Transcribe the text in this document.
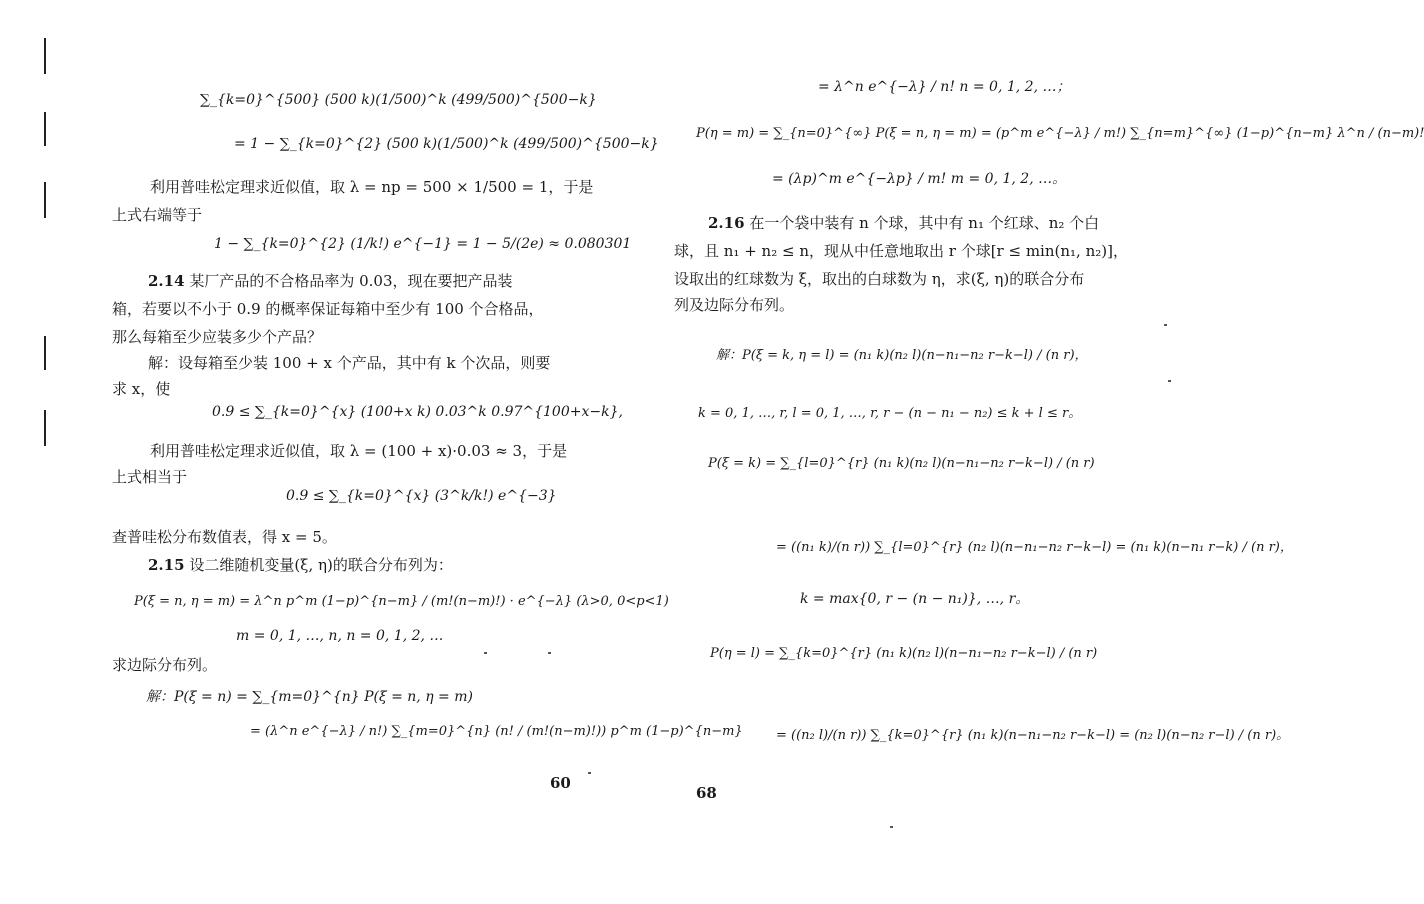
∑_{k=0}^{500} (500 k)(1/500)^k (499/500)^{500−k}
= 1 − ∑_{k=0}^{2} (500 k)(1/500)^k (499/500)^{500−k}
利用普哇松定理求近似值，取 λ = np = 500 × 1/500 = 1，于是
上式右端等于
1 − ∑_{k=0}^{2} (1/k!) e^{−1} = 1 − 5/(2e) ≈ 0.080301
2.14 某厂产品的不合格品率为 0.03，现在要把产品装
箱，若要以不小于 0.9 的概率保证每箱中至少有 100 个合格品，
那么每箱至少应装多少个产品？
解：设每箱至少装 100 + x 个产品，其中有 k 个次品，则要
求 x，使
0.9 ≤ ∑_{k=0}^{x} (100+x k) 0.03^k 0.97^{100+x−k},
利用普哇松定理求近似值，取 λ = (100 + x)·0.03 ≈ 3，于是
上式相当于
0.9 ≤ ∑_{k=0}^{x} (3^k/k!) e^{−3}
查普哇松分布数值表，得 x = 5。
2.15 设二维随机变量(ξ, η)的联合分布列为：
P(ξ = n, η = m) = λ^n p^m (1−p)^{n−m} / (m!(n−m)!) · e^{−λ} (λ>0, 0<p<1)
m = 0, 1, …, n, n = 0, 1, 2, …
求边际分布列。
解：P(ξ = n) = ∑_{m=0}^{n} P(ξ = n, η = m)
= (λ^n e^{−λ} / n!) ∑_{m=0}^{n} (n! / (m!(n−m)!)) p^m (1−p)^{n−m}
60
= λ^n e^{−λ} / n! n = 0, 1, 2, …；
P(η = m) = ∑_{n=0}^{∞} P(ξ = n, η = m) = (p^m e^{−λ} / m!) ∑_{n=m}^{∞} (1−p)^{n−m} λ^n / (n−m)!
= (λp)^m e^{−λp} / m! m = 0, 1, 2, …。
2.16 在一个袋中装有 n 个球，其中有 n₁ 个红球、n₂ 个白
球，且 n₁ + n₂ ≤ n，现从中任意地取出 r 个球[r ≤ min(n₁, n₂)]，
设取出的红球数为 ξ，取出的白球数为 η，求(ξ, η)的联合分布
列及边际分布列。
解：P(ξ = k, η = l) = (n₁ k)(n₂ l)(n−n₁−n₂ r−k−l) / (n r)，
k = 0, 1, …, r, l = 0, 1, …, r, r − (n − n₁ − n₂) ≤ k + l ≤ r。
P(ξ = k) = ∑_{l=0}^{r} (n₁ k)(n₂ l)(n−n₁−n₂ r−k−l) / (n r)
= ((n₁ k)/(n r)) ∑_{l=0}^{r} (n₂ l)(n−n₁−n₂ r−k−l) = (n₁ k)(n−n₁ r−k) / (n r)，
k = max{0, r − (n − n₁)}, …, r。
P(η = l) = ∑_{k=0}^{r} (n₁ k)(n₂ l)(n−n₁−n₂ r−k−l) / (n r)
= ((n₂ l)/(n r)) ∑_{k=0}^{r} (n₁ k)(n−n₁−n₂ r−k−l) = (n₂ l)(n−n₂ r−l) / (n r)。
68
